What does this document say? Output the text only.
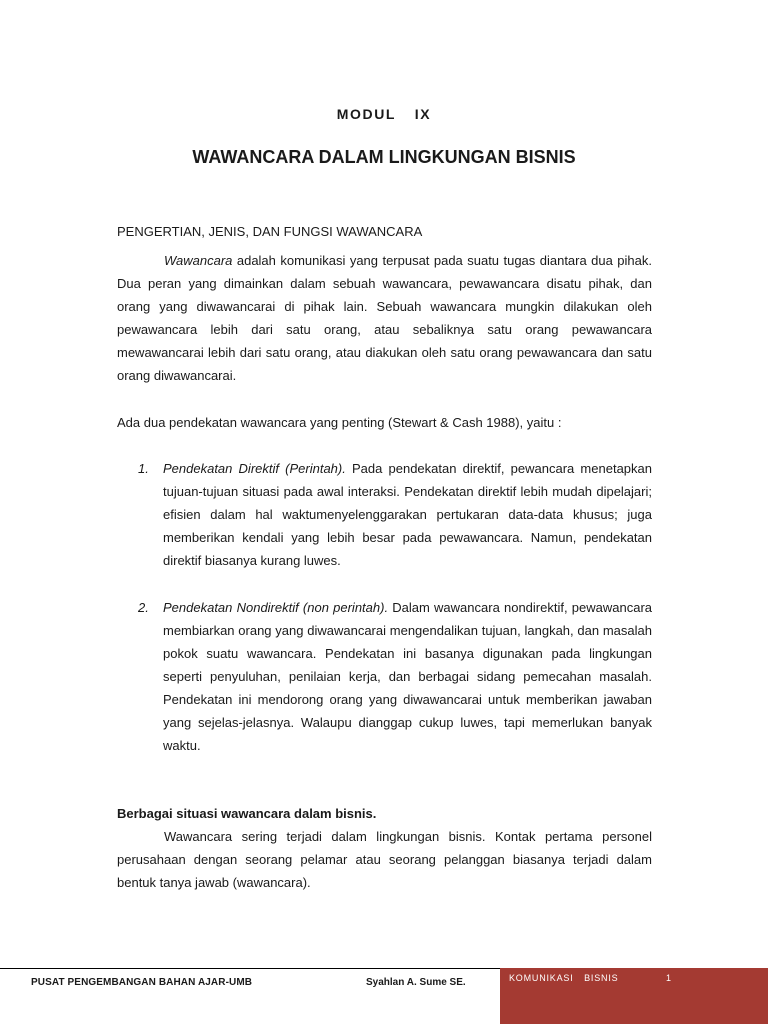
MODUL  IX
WAWANCARA DALAM LINGKUNGAN BISNIS
PENGERTIAN, JENIS, DAN FUNGSI WAWANCARA
Wawancara adalah komunikasi yang terpusat pada suatu tugas diantara dua pihak. Dua peran yang dimainkan dalam sebuah wawancara, pewawancara disatu pihak, dan orang yang diwawancarai di pihak lain. Sebuah wawancara mungkin dilakukan oleh pewawancara lebih dari satu orang, atau sebaliknya satu orang pewawancara mewawancarai lebih dari satu orang, atau diakukan oleh satu orang pewawancara dan satu orang diwawancarai.
Ada dua pendekatan wawancara yang penting (Stewart & Cash 1988), yaitu :
1. Pendekatan Direktif (Perintah). Pada pendekatan direktif, pewancara menetapkan tujuan-tujuan situasi pada awal interaksi. Pendekatan direktif lebih mudah dipelajari; efisien dalam hal waktumenyelenggarakan pertukaran data-data khusus; juga memberikan kendali yang lebih besar pada pewawancara. Namun, pendekatan direktif biasanya kurang luwes.
2. Pendekatan Nondirektif (non perintah). Dalam wawancara nondirektif, pewawancara membiarkan orang yang diwawancarai mengendalikan tujuan, langkah, dan masalah pokok suatu wawancara. Pendekatan ini basanya digunakan pada lingkungan seperti penyuluhan, penilaian kerja, dan berbagai sidang pemecahan masalah. Pendekatan ini mendorong orang yang diwawancarai untuk memberikan jawaban yang sejelas-jelasnya. Walaupu dianggap cukup luwes, tapi memerlukan banyak waktu.
Berbagai situasi wawancara dalam bisnis.
Wawancara sering terjadi dalam lingkungan bisnis. Kontak pertama personel perusahaan dengan seorang pelamar atau seorang pelanggan biasanya terjadi dalam bentuk tanya jawab (wawancara).
PUSAT PENGEMBANGAN BAHAN AJAR-UMB	Syahlan A. Sume SE.	KOMUNIKASI  BISNIS	1
